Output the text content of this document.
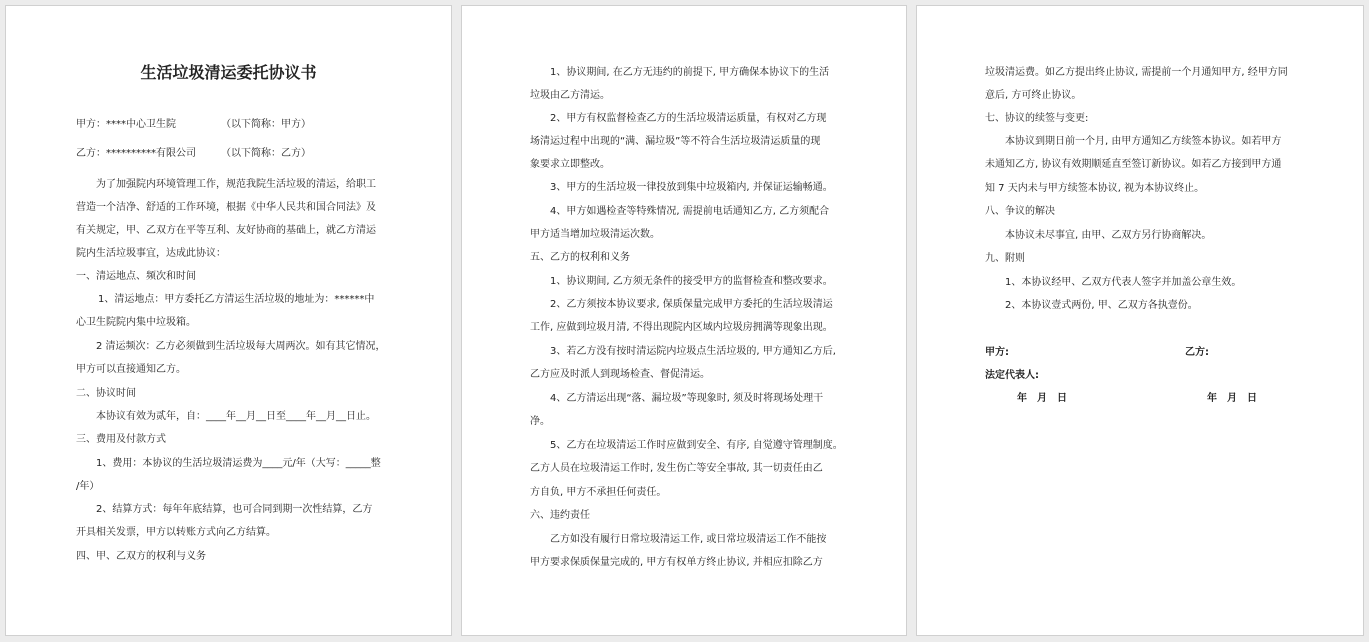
生活垃圾清运委托协议书
甲方：****中心卫生院　　　　　（以下简称：甲方）
乙方：**********有限公司　　　（以下简称：乙方）
为了加强院内环境管理工作，规范我院生活垃圾的清运，给职工
营造一个洁净、舒适的工作环境，根据《中华人民共和国合同法》及
有关规定，甲、乙双方在平等互利、友好协商的基础上，就乙方清运
院内生活垃圾事宜，达成此协议：
一、清运地点、频次和时间
1、清运地点：甲方委托乙方清运生活垃圾的地址为：******中
心卫生院院内集中垃圾箱。
2 清运频次：乙方必须做到生活垃圾每大周两次。如有其它情况，
甲方可以直接通知乙方。
二、协议时间
本协议有效为贰年，自：____年__月__日至____年__月__日止。
三、费用及付款方式
1、费用：本协议的生活垃圾清运费为____元/年（大写：_____整
/年）
2、结算方式：每年年底结算，也可合同到期一次性结算，乙方
开具相关发票，甲方以转账方式向乙方结算。
四、甲、乙双方的权利与义务
1、协议期间, 在乙方无违约的前提下, 甲方确保本协议下的生活
垃圾由乙方清运。
2、甲方有权监督检查乙方的生活垃圾清运质量，有权对乙方现
场清运过程中出现的“满、漏垃圾”等不符合生活垃圾清运质量的现
象要求立即整改。
3、甲方的生活垃圾一律投放到集中垃圾箱内, 并保证运输畅通。
4、甲方如遇检查等特殊情况, 需提前电话通知乙方, 乙方须配合
甲方适当增加垃圾清运次数。
五、乙方的权利和义务
1、协议期间, 乙方须无条件的接受甲方的监督检查和整改要求。
2、乙方须按本协议要求, 保质保量完成甲方委托的生活垃圾清运
工作, 应做到垃圾月清, 不得出现院内区域内垃圾房拥满等现象出现。
3、若乙方没有按时清运院内垃圾点生活垃圾的, 甲方通知乙方后,
乙方应及时派人到现场检查、督促清运。
4、乙方清运出现“落、漏垃圾”等现象时, 须及时将现场处理干
净。
5、乙方在垃圾清运工作时应做到安全、有序, 自觉遵守管理制度。
乙方人员在垃圾清运工作时, 发生伤亡等安全事故, 其一切责任由乙
方自负, 甲方不承担任何责任。
六、违约责任
乙方如没有履行日常垃圾清运工作, 或日常垃圾清运工作不能按
甲方要求保质保量完成的, 甲方有权单方终止协议, 并相应扣除乙方
垃圾清运费。如乙方提出终止协议, 需提前一个月通知甲方, 经甲方同
意后, 方可终止协议。
七、协议的续签与变更:
本协议到期日前一个月, 由甲方通知乙方续签本协议。如若甲方
未通知乙方, 协议有效期顺延直至签订新协议。如若乙方接到甲方通
知 7 天内未与甲方续签本协议, 视为本协议终止。
八、争议的解决
本协议未尽事宜, 由甲、乙双方另行协商解决。
九、附则
1、本协议经甲、乙双方代表人签字并加盖公章生效。
2、本协议壹式两份, 甲、乙双方各执壹份。
甲方:	乙方:
法定代表人:
年　月　日	年　月　日
